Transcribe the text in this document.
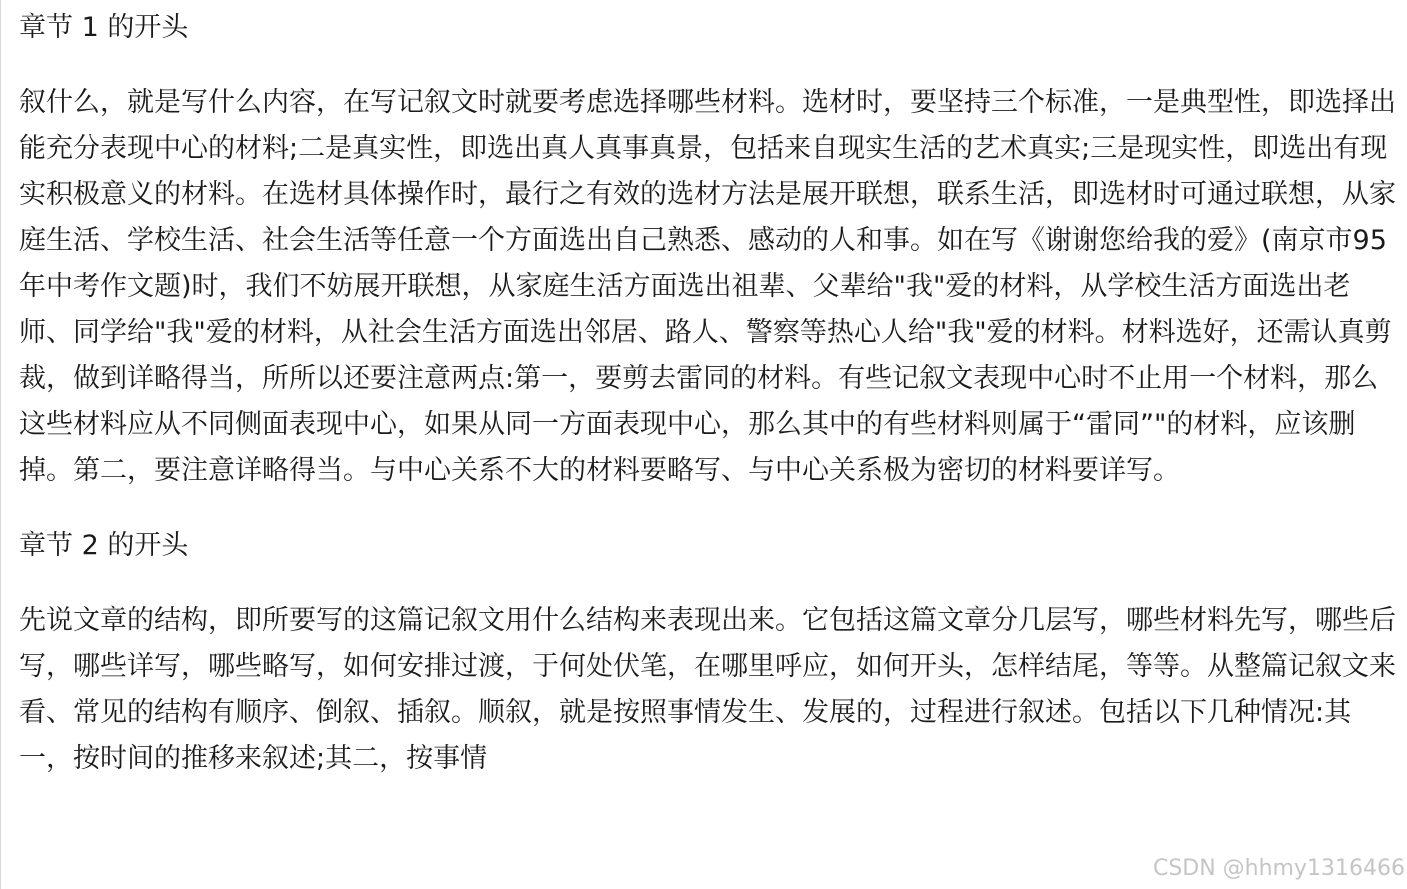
章节 1 的开头

叙什么，就是写什么内容，在写记叙文时就要考虑选择哪些材料。选材时，要坚持三个标准，一是典型性，即选择出能充分表现中心的材料;二是真实性，即选出真人真事真景，包括来自现实生活的艺术真实;三是现实性，即选出有现实积极意义的材料。在选材具体操作时，最行之有效的选材方法是展开联想，联系生活，即选材时可通过联想，从家庭生活、学校生活、社会生活等任意一个方面选出自己熟悉、感动的人和事。如在写《谢谢您给我的爱》(南京市95年中考作文题)时，我们不妨展开联想，从家庭生活方面选出祖辈、父辈给"我"爱的材料，从学校生活方面选出老师、同学给"我"爱的材料，从社会生活方面选出邻居、路人、警察等热心人给"我"爱的材料。材料选好，还需认真剪裁，做到详略得当，所所以还要注意两点:第一，要剪去雷同的材料。有些记叙文表现中心时不止用一个材料，那么这些材料应从不同侧面表现中心，如果从同一方面表现中心，那么其中的有些材料则属于“雷同”"的材料，应该删掉。第二，要注意详略得当。与中心关系不大的材料要略写、与中心关系极为密切的材料要详写。

章节 2 的开头

先说文章的结构，即所要写的这篇记叙文用什么结构来表现出来。它包括这篇文章分几层写，哪些材料先写，哪些后写，哪些详写，哪些略写，如何安排过渡，于何处伏笔，在哪里呼应，如何开头，怎样结尾，等等。从整篇记叙文来看、常见的结构有顺序、倒叙、插叙。顺叙，就是按照事情发生、发展的，过程进行叙述。包括以下几种情况:其一，按时间的推移来叙述;其二，按事情

CSDN @hhmy1316466
